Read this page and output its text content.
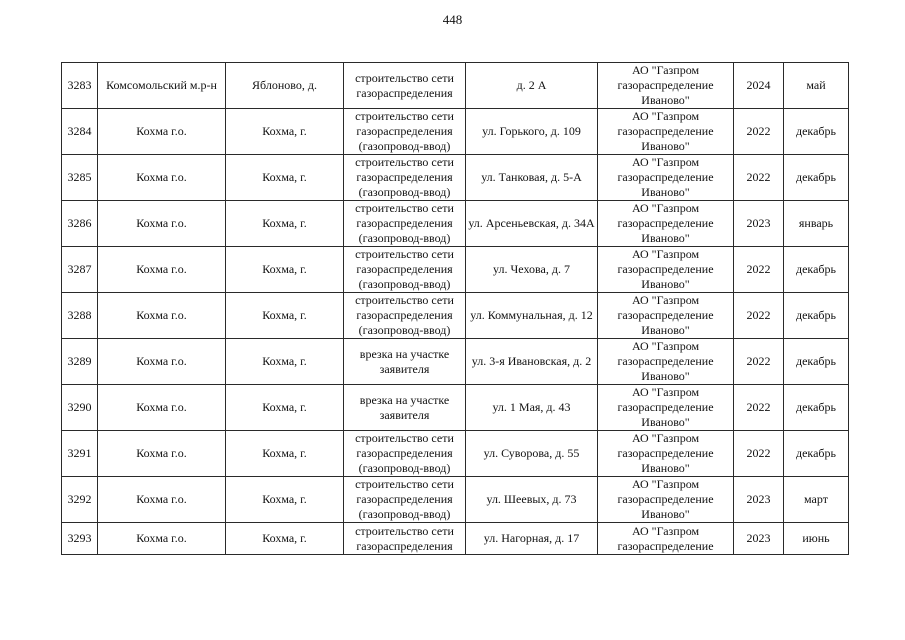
448
3283	Комсомольский м.р-н	Яблоново, д.	строительство сети газораспределения	д. 2 А	АО "Газпром газораспределение Иваново"	2024	май
3284	Кохма г.о.	Кохма, г.	строительство сети газораспределения (газопровод-ввод)	ул. Горького, д. 109	АО "Газпром газораспределение Иваново"	2022	декабрь
3285	Кохма г.о.	Кохма, г.	строительство сети газораспределения (газопровод-ввод)	ул. Танковая, д. 5-А	АО "Газпром газораспределение Иваново"	2022	декабрь
3286	Кохма г.о.	Кохма, г.	строительство сети газораспределения (газопровод-ввод)	ул. Арсеньевская, д. 34А	АО "Газпром газораспределение Иваново"	2023	январь
3287	Кохма г.о.	Кохма, г.	строительство сети газораспределения (газопровод-ввод)	ул. Чехова, д. 7	АО "Газпром газораспределение Иваново"	2022	декабрь
3288	Кохма г.о.	Кохма, г.	строительство сети газораспределения (газопровод-ввод)	ул. Коммунальная, д. 12	АО "Газпром газораспределение Иваново"	2022	декабрь
3289	Кохма г.о.	Кохма, г.	врезка на участке заявителя	ул. 3-я Ивановская, д. 2	АО "Газпром газораспределение Иваново"	2022	декабрь
3290	Кохма г.о.	Кохма, г.	врезка на участке заявителя	ул. 1 Мая, д. 43	АО "Газпром газораспределение Иваново"	2022	декабрь
3291	Кохма г.о.	Кохма, г.	строительство сети газораспределения (газопровод-ввод)	ул. Суворова, д. 55	АО "Газпром газораспределение Иваново"	2022	декабрь
3292	Кохма г.о.	Кохма, г.	строительство сети газораспределения (газопровод-ввод)	ул. Шеевых, д. 73	АО "Газпром газораспределение Иваново"	2023	март
3293	Кохма г.о.	Кохма, г.	строительство сети газораспределения	ул. Нагорная, д. 17	АО "Газпром газораспределение	2023	июнь
